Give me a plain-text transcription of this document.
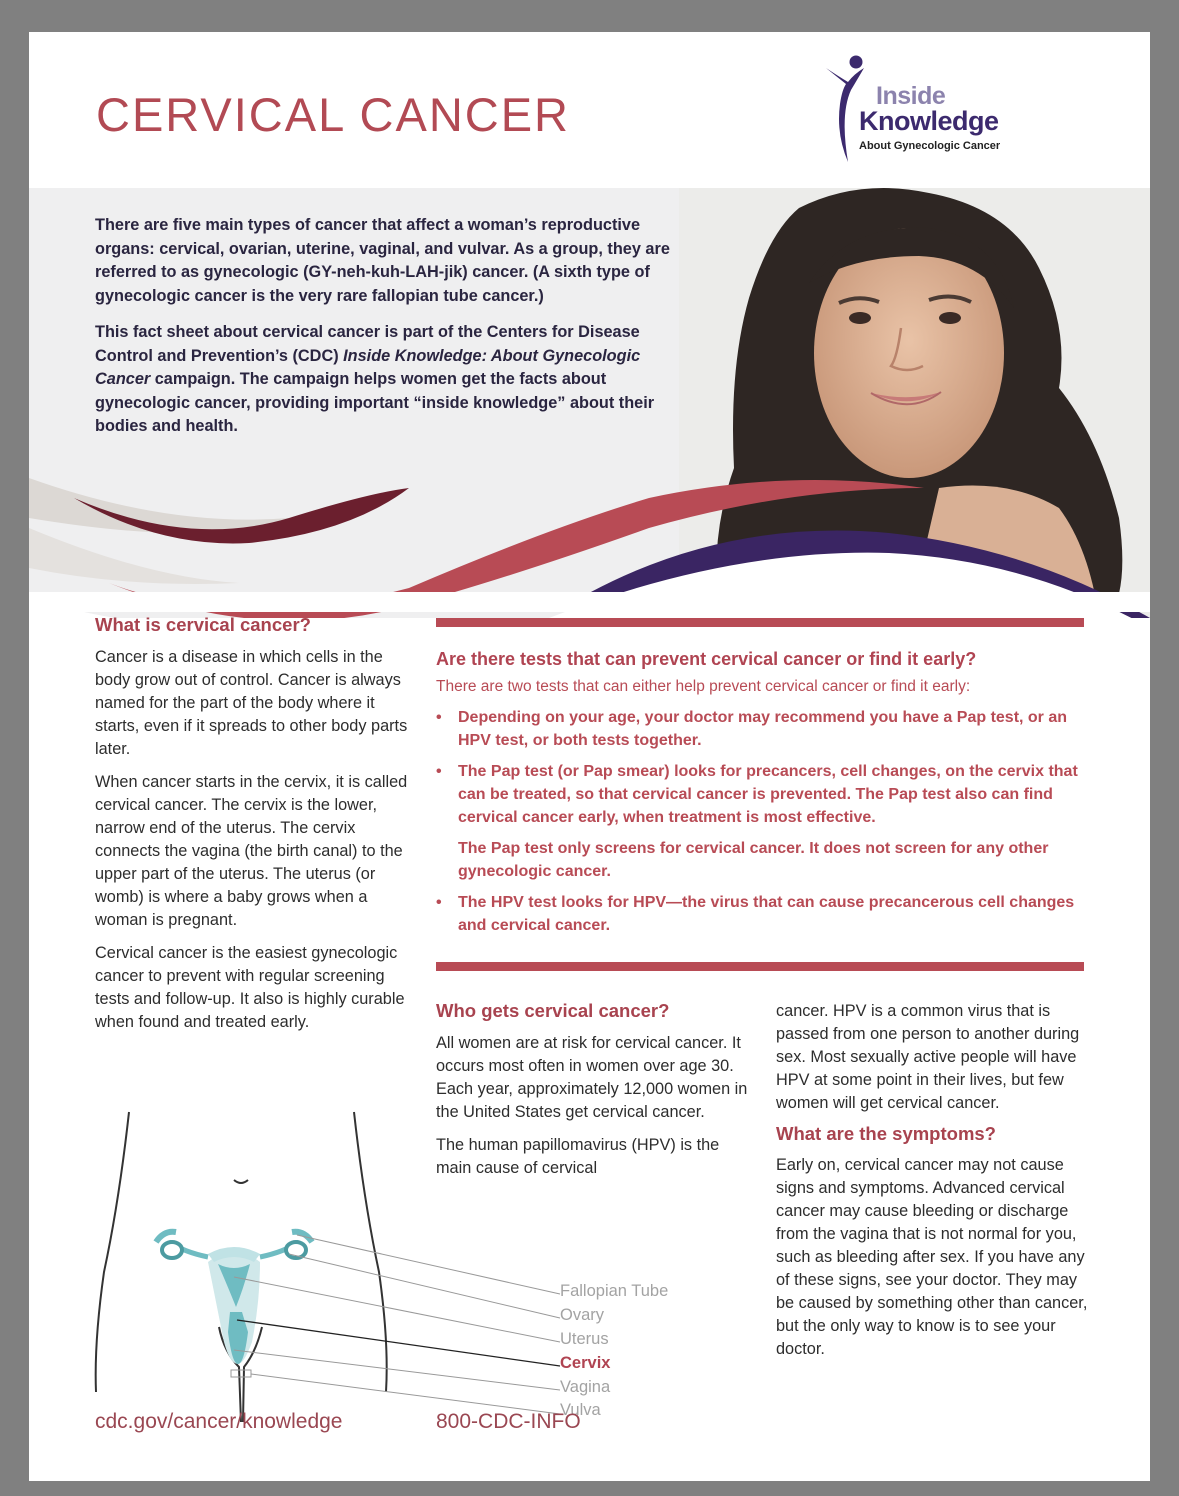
CERVICAL CANCER	Inside
Knowledge
About Gynecologic Cancer

There are five main types of cancer that affect a woman’s reproductive organs: cervical, ovarian, uterine, vaginal, and vulvar. As a group, they are referred to as gynecologic (GY-neh-kuh-LAH-jik) cancer. (A sixth type of gynecologic cancer is the very rare fallopian tube cancer.)

This fact sheet about cervical cancer is part of the Centers for Disease Control and Prevention’s (CDC) Inside Knowledge: About Gynecologic Cancer campaign. The campaign helps women get the facts about gynecologic cancer, providing important “inside knowledge” about their bodies and health.

What is cervical cancer?

Cancer is a disease in which cells in the body grow out of control. Cancer is always named for the part of the body where it starts, even if it spreads to other body parts later.

When cancer starts in the cervix, it is called cervical cancer. The cervix is the lower, narrow end of the uterus. The cervix connects the vagina (the birth canal) to the upper part of the uterus. The uterus (or womb) is where a baby grows when a woman is pregnant.

Cervical cancer is the easiest gynecologic cancer to prevent with regular screening tests and follow-up. It also is highly curable when found and treated early.

Are there tests that can prevent cervical cancer or find it early?

There are two tests that can either help prevent cervical cancer or find it early:

• Depending on your age, your doctor may recommend you have a Pap test, or an HPV test, or both tests together.
• The Pap test (or Pap smear) looks for precancers, cell changes, on the cervix that can be treated, so that cervical cancer is prevented. The Pap test also can find cervical cancer early, when treatment is most effective.
The Pap test only screens for cervical cancer. It does not screen for any other gynecologic cancer.
• The HPV test looks for HPV—the virus that can cause precancerous cell changes and cervical cancer.
Who gets cervical cancer?

All women are at risk for cervical cancer. It occurs most often in women over age 30. Each year, approximately 12,000 women in the United States get cervical cancer.

The human papillomavirus (HPV) is the main cause of cervical

cancer. HPV is a common virus that is passed from one person to another during sex. Most sexually active people will have HPV at some point in their lives, but few women will get cervical cancer.

What are the symptoms?

Early on, cervical cancer may not cause signs and symptoms. Advanced cervical cancer may cause bleeding or discharge from the vagina that is not normal for you, such as bleeding after sex. If you have any of these signs, see your doctor. They may be caused by something other than cancer, but the only way to know is to see your doctor.

Fallopian Tube
Ovary
Uterus
Cervix
Vagina
Vulva
cdc.gov/cancer/knowledge	800-CDC-INFO
